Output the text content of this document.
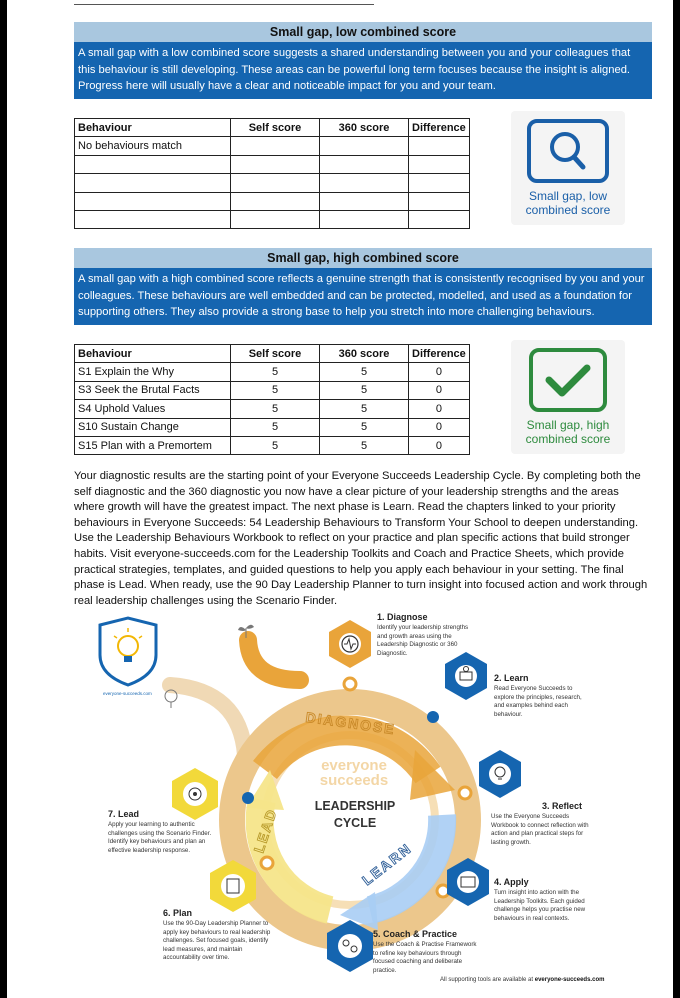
Small gap, low combined score
A small gap with a low combined score suggests a shared understanding between you and your colleagues that this behaviour is still developing. These areas can be powerful long term focuses because the insight is aligned. Progress here will usually have a clear and noticeable impact for you and your team.
Behaviour	Self score	360 score	Difference
No behaviours match			

Small gap, low
combined score
Small gap, high combined score
A small gap with a high combined score reflects a genuine strength that is consistently recognised by you and your colleagues. These behaviours are well embedded and can be protected, modelled, and used as a foundation for supporting others. They also provide a strong base to help you stretch into more challenging behaviours.
Behaviour	Self score	360 score	Difference
S1 Explain the Why	5	5	0
S3 Seek the Brutal Facts	5	5	0
S4 Uphold Values	5	5	0
S10 Sustain Change	5	5	0
S15 Plan with a Premortem	5	5	0
Small gap, high
combined score
Your diagnostic results are the starting point of your Everyone Succeeds Leadership Cycle. By completing both the self diagnostic and the 360 diagnostic you now have a clear picture of your leadership strengths and the areas where growth will have the greatest impact. The next phase is Learn. Read the chapters linked to your priority behaviours in Everyone Succeeds: 54 Leadership Behaviours to Transform Your School to deepen understanding. Use the Leadership Behaviours Workbook to reflect on your practice and plan specific actions that build stronger habits. Visit everyone-succeeds.com for the Leadership Toolkits and Coach and Practice Sheets, which provide practical strategies, templates, and guided questions to help you apply each behaviour in your setting. The final phase is Lead. When ready, use the 90 Day Leadership Planner to turn insight into focused action and work through real leadership challenges using the Scenario Finder.
DIAGNOSE
LEARN
LEAD
everyone
succeeds
LEADERSHIP
CYCLE
everyone-succeeds.com
1. Diagnose
Identify your leadership strengths
and growth areas using the
Leadership Diagnostic or 360
Diagnostic.
2. Learn
Read Everyone Succeeds to
explore the principles, research,
and examples behind each
behaviour.
3. Reflect
Use the Everyone Succeeds
Workbook to connect reflection with
action and plan practical steps for
lasting growth.
4. Apply
Turn insight into action with the
Leadership Toolkits. Each guided
challenge helps you practise new
behaviours in real contexts.
5. Coach & Practice
Use the Coach & Practise Framework
to refine key behaviours through
focused coaching and deliberate
practice.
6. Plan
Use the 90-Day Leadership Planner to
apply key behaviours to real leadership
challenges. Set focused goals, identify
lead measures, and maintain
accountability over time.
7. Lead
Apply your learning to authentic
challenges using the Scenario Finder.
Identify key behaviours and plan an
effective leadership response.
All supporting tools are available at everyone-succeeds.com
